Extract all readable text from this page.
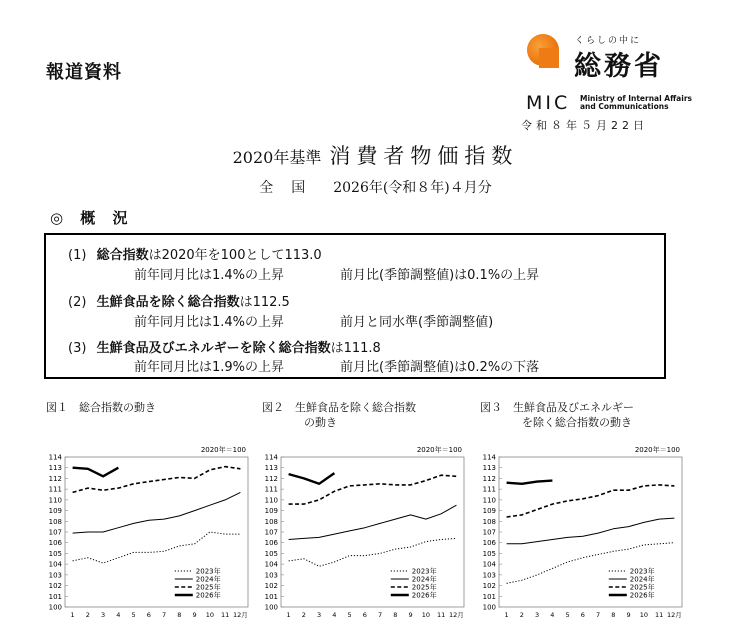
報道資料
くらしの中に
総務省
MIC Ministry of Internal Affairs
and Communications
令和８年５月22日
2020年基準 消費者物価指数
全国 2026年(令和８年)４月分
◎ 概 況
(1) 総合指数は2020年を100として113.0
前年同月比は1.4%の上昇	前月比(季節調整値)は0.1%の上昇
(2) 生鮮食品を除く総合指数は112.5
前年同月比は1.4%の上昇	前月と同水準(季節調整値)
(3) 生鮮食品及びエネルギーを除く総合指数は111.8
前年同月比は1.9%の上昇	前月比(季節調整値)は0.2%の下落
図１　総合指数の動き	図２　生鮮食品を除く総合指数
の動き
図３　生鮮食品及びエネルギー
を除く総合指数の動き
2020年＝100
100
101
102
103
104
105
106
107
108
109
110
111
112
113
114
1 2 3 4 5 6 7 8 9 10 11 12月
2023年
2024年
2025年
2026年
2020年＝100
100
101
102
103
104
105
106
107
108
109
110
111
112
113
114
1 2 3 4 5 6 7 8 9 10 11 12月
2023年
2024年
2025年
2026年
2020年＝100
100
101
102
103
104
105
106
107
108
109
110
111
112
113
114
1 2 3 4 5 6 7 8 9 10 11 12月
2023年
2024年
2025年
2026年
